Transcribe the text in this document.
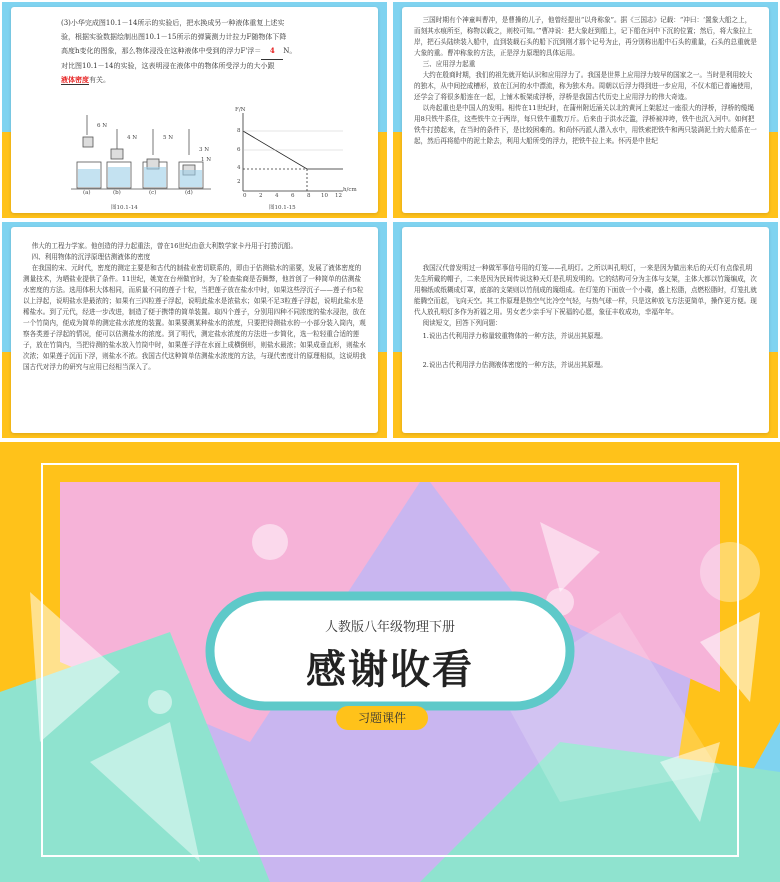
(3)小华完成图10.1－14所示的实验后，把水换成另一种液体重复上述实
验，根据实验数据绘制出图10.1－15所示的弹簧测力计拉力F随物体下降
高度h变化的图象，那么物体浸没在这种液体中受到的浮力F'浮＝ 4 N。
对比图10.1－14的实验，这表明浸在液体中的物体所受浮力的大小跟
液体密度有关。
6 N
4 N	5 N
3 N
1 N
(a)	(b)	(c)	(d)
图10.1-14
F/N
h/cm
8
6
4
2
0 2 4 6 8 10 12
图10.1-15

三国时期有个神童叫曹冲，是曹操的儿子，他曾经提出“以舟称象”。据《三国志》记载：“冲曰：‘置象大船之上，而刻其水痕所至，称物以载之，则校可知。’”曹冲说：把大象赶到船上，记下船在河中下沉的位置；然后，将大象拉上岸，把石头陆续装入船中，直到装载石头的船下沉到刚才那个记号为止，再分别称出船中石头的重量，石头的总重就是大象的重。曹冲称象的方法，正是浮力原理的具体运用。

三、应用浮力起重

大约在殷商时期，我们的祖先就开始认识和应用浮力了。我国是世界上应用浮力较早的国家之一。当时是利用较大的独木，从中间挖成槽形，放在江河的水中漂流，称为独木舟。周朝以后浮力得到进一步应用，不仅木船已普遍使用，还学会了将很多船连在一起，上铺木板架成浮桥，浮桥是我国古代历史上应用浮力的伟大奇迹。

以舟起重也是中国人的发明。相传在11世纪时，在蒲州附近涌关以北的黄河上架起过一座很大的浮桥，浮桥的缆绳用8只铁牛系住，这些铁牛立于两岸，每只铁牛重数万斤。后来由于洪水泛滥，浮桥被冲垮，铁牛也沉入河中。如何把铁牛打捞起来，在当时的条件下，是比较困难的。和尚怀丙派人潜入水中，用铁索把铁牛和两只装满泥土的大船系在一起，然后再将船中的泥土除去，利用大船所受的浮力，把铁牛拉上来。怀丙是中世纪

伟大的工程力学家。他创造的浮力起重法，曾在16世纪由意大利数学家卡丹用于打捞沉船。

四、利用物体的沉浮原理估测液体的密度

在我国的宋、元时代，密度的测定主要是和古代的制盐业密切联系的，即由于估测盐水的需要，发展了液体密度的测量技术，为晒盐业提供了条件。11世纪，姚宽在台州做官时，为了检查盐商是否舞弊，他首创了一种简单的估测盐水密度的方法。选用体积大体相同，而质量不同的莲子十粒，当把莲子放在盐水中时，如果这些浮沉子——莲子有5粒以上浮起，说明盐水是最浓的；如果有三四粒莲子浮起，说明此盐水是浓盐水；如果不足3粒莲子浮起，说明此盐水是稀盐水。到了元代，经进一步改进，制造了便于携带的简单装置。取四个莲子，分别用四种不同浓度的盐水浸泡，放在一个竹筒内，便成为简单的测定盐水浓度的装置。如果要测某种盐水的浓度，只要把待测盐水的一小部分装入筒内，观察各类莲子浮起的情况，便可以估测盐水的浓度。到了明代，测定盐水浓度的方法进一步简化，选一粒轻重合适的莲子，放在竹筒内，当把待测的盐水放入竹筒中时，如果莲子浮在水面上成横倒形，则盐水最浓；如果成垂直形，则盐水次浓；如果莲子沉而下浮，则盐水不浓。我国古代这种简单估测盐水浓度的方法，与现代密度计的原理相似，这说明我国古代对浮力的研究与应用已经相当深入了。

我国汉代曾发明过一种做军事信号用的灯笼——孔明灯。之所以叫孔明灯，一来是因为做出来后的天灯有点像孔明先生所戴的帽子，二来是因为民间传说这种天灯是孔明发明的。它的结构可分为主体与支架，主体大都以竹篾编成，次用棉纸或纸糊成灯罩，底部的支架则以竹削成的篾组成。在灯笼的下面放一个小碟，盛上松脂，点燃松脂时，灯笼扎就能腾空而起，飞向天空。其工作原理是热空气比冷空气轻，与热气球一样，只是这种放飞方法更简单，操作更方便。现代人放孔明灯多作为祈福之用。男女老少亲手写下祝福的心愿，象征丰收成功，幸福年年。

阅读短文，回答下列问题：

1.说出古代利用浮力称量较重物体的一种方法，并说出其原理。

2.说出古代利用浮力估测液体密度的一种方法，并说出其原理。

人教版八年级物理下册
感谢收看
习题课件
